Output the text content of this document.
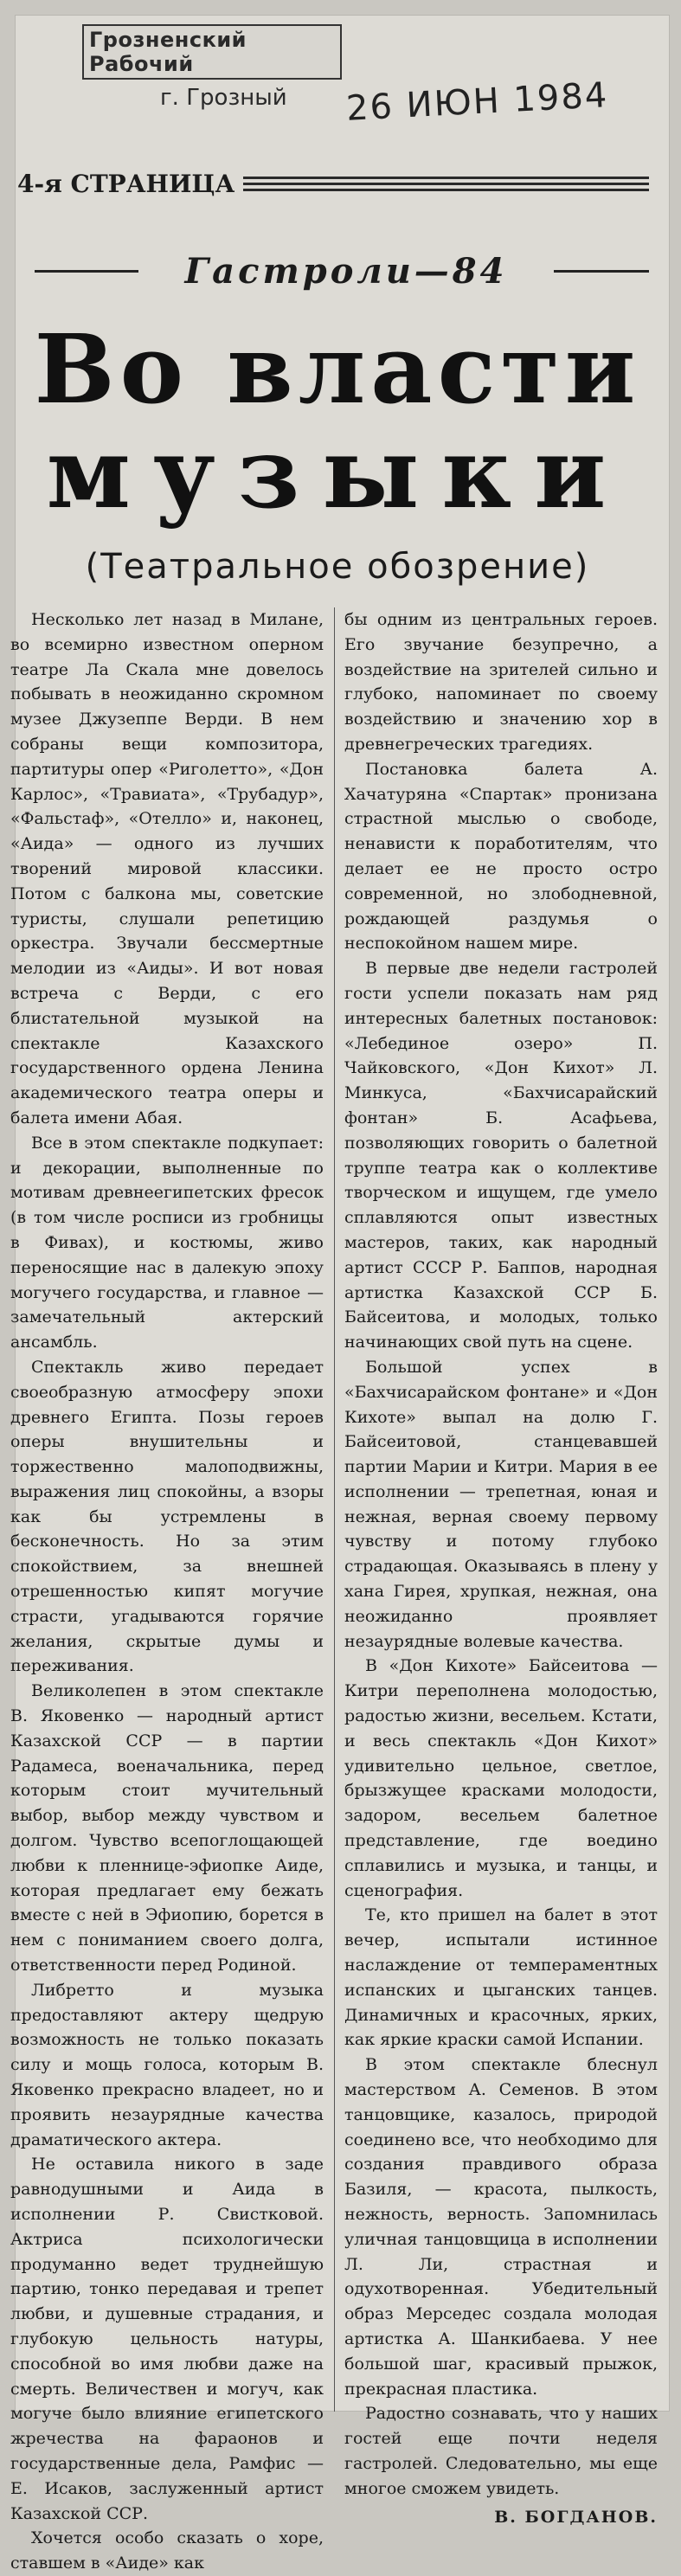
Грозненский Рабочий
г. Грозный	26 ИЮН 1984
4-я СТРАНИЦА
Гастроли—84
Во власти
музыки
(Театральное обозрение)

Несколько лет назад в Милане, во всемирно известном оперном театре Ла Скала мне довелось побывать в неожиданно скромном музее Джузеппе Верди. В нем собраны вещи композитора, партитуры опер «Риголетто», «Дон Карлос», «Травиата», «Трубадур», «Фальстаф», «Отелло» и, наконец, «Аида» — одного из лучших творений мировой классики. Потом с балкона мы, советские туристы, слушали репетицию оркестра. Звучали бессмертные мелодии из «Аиды». И вот новая встреча с Верди, с его блистательной музыкой на спектакле Казахского государственного ордена Ленина академического театра оперы и балета имени Абая.

Все в этом спектакле подкупает: и декорации, выполненные по мотивам древнеегипетских фресок (в том числе росписи из гробницы в Фивах), и костюмы, живо переносящие нас в далекую эпоху могучего государства, и главное — замечательный актерский ансамбль.

Спектакль живо передает своеобразную атмосферу эпохи древнего Египта. Позы героев оперы внушительны и торжественно малоподвижны, выражения лиц спокойны, а взоры как бы устремлены в бесконечность. Но за этим спокойствием, за внешней отрешенностью кипят могучие страсти, угадываются горячие желания, скрытые думы и переживания.

Великолепен в этом спектакле В. Яковенко — народный артист Казахской ССР — в партии Радамеса, военачальника, перед которым стоит мучительный выбор, выбор между чувством и долгом. Чувство всепоглощающей любви к пленнице-эфиопке Аиде, которая предлагает ему бежать вместе с ней в Эфиопию, борется в нем с пониманием своего долга, ответственности перед Родиной.

Либретто и музыка предоставляют актеру щедрую возможность не только показать силу и мощь голоса, которым В. Яковенко прекрасно владеет, но и проявить незаурядные качества драматического актера.

Не оставила никого в заде равнодушными и Аида в исполнении Р. Свистковой. Актриса психологически продуманно ведет труднейшую партию, тонко передавая и трепет любви, и душевные страдания, и глубокую цельность натуры, способной во имя любви даже на смерть. Величествен и могуч, как могуче было влияние египетского жречества на фараонов и государственные дела, Рамфис — Е. Исаков, заслуженный артист Казахской ССР.

Хочется особо сказать о хоре, ставшем в «Аиде» как

бы одним из центральных героев. Его звучание безупречно, а воздействие на зрителей сильно и глубоко, напоминает по своему воздействию и значению хор в древнегреческих трагедиях.

Постановка балета А. Хачатуряна «Спартак» пронизана страстной мыслью о свободе, ненависти к поработителям, что делает ее не просто остро современной, но злободневной, рождающей раздумья о неспокойном нашем мире.

В первые две недели гастролей гости успели показать нам ряд интересных балетных постановок: «Лебединое озеро» П. Чайковского, «Дон Кихот» Л. Минкуса, «Бахчисарайский фонтан» Б. Асафьева, позволяющих говорить о балетной труппе театра как о коллективе творческом и ищущем, где умело сплавляются опыт известных мастеров, таких, как народный артист СССР Р. Баппов, народная артистка Казахской ССР Б. Байсеитова, и молодых, только начинающих свой путь на сцене.

Большой успех в «Бахчисарайском фонтане» и «Дон Кихоте» выпал на долю Г. Байсеитовой, станцевавшей партии Марии и Китри. Мария в ее исполнении — трепетная, юная и нежная, верная своему первому чувству и потому глубоко страдающая. Оказываясь в плену у хана Гирея, хрупкая, нежная, она неожиданно проявляет незаурядные волевые качества.

В «Дон Кихоте» Байсеитова — Китри переполнена молодостью, радостью жизни, весельем. Кстати, и весь спектакль «Дон Кихот» удивительно цельное, светлое, брызжущее красками молодости, задором, весельем балетное представление, где воедино сплавились и музыка, и танцы, и сценография.

Те, кто пришел на балет в этот вечер, испытали истинное наслаждение от темпераментных испанских и цыганских танцев. Динамичных и красочных, ярких, как яркие краски самой Испании.

В этом спектакле блеснул мастерством А. Семенов. В этом танцовщике, казалось, природой соединено все, что необходимо для создания правдивого образа Базиля, — красота, пылкость, нежность, верность. Запомнилась уличная танцовщица в исполнении Л. Ли, страстная и одухотворенная. Убедительный образ Мерседес создала молодая артистка А. Шанкибаева. У нее большой шаг, красивый прыжок, прекрасная пластика.

Радостно сознавать, что у наших гостей еще почти неделя гастролей. Следовательно, мы еще многое сможем увидеть.

В. БОГДАНОВ.
